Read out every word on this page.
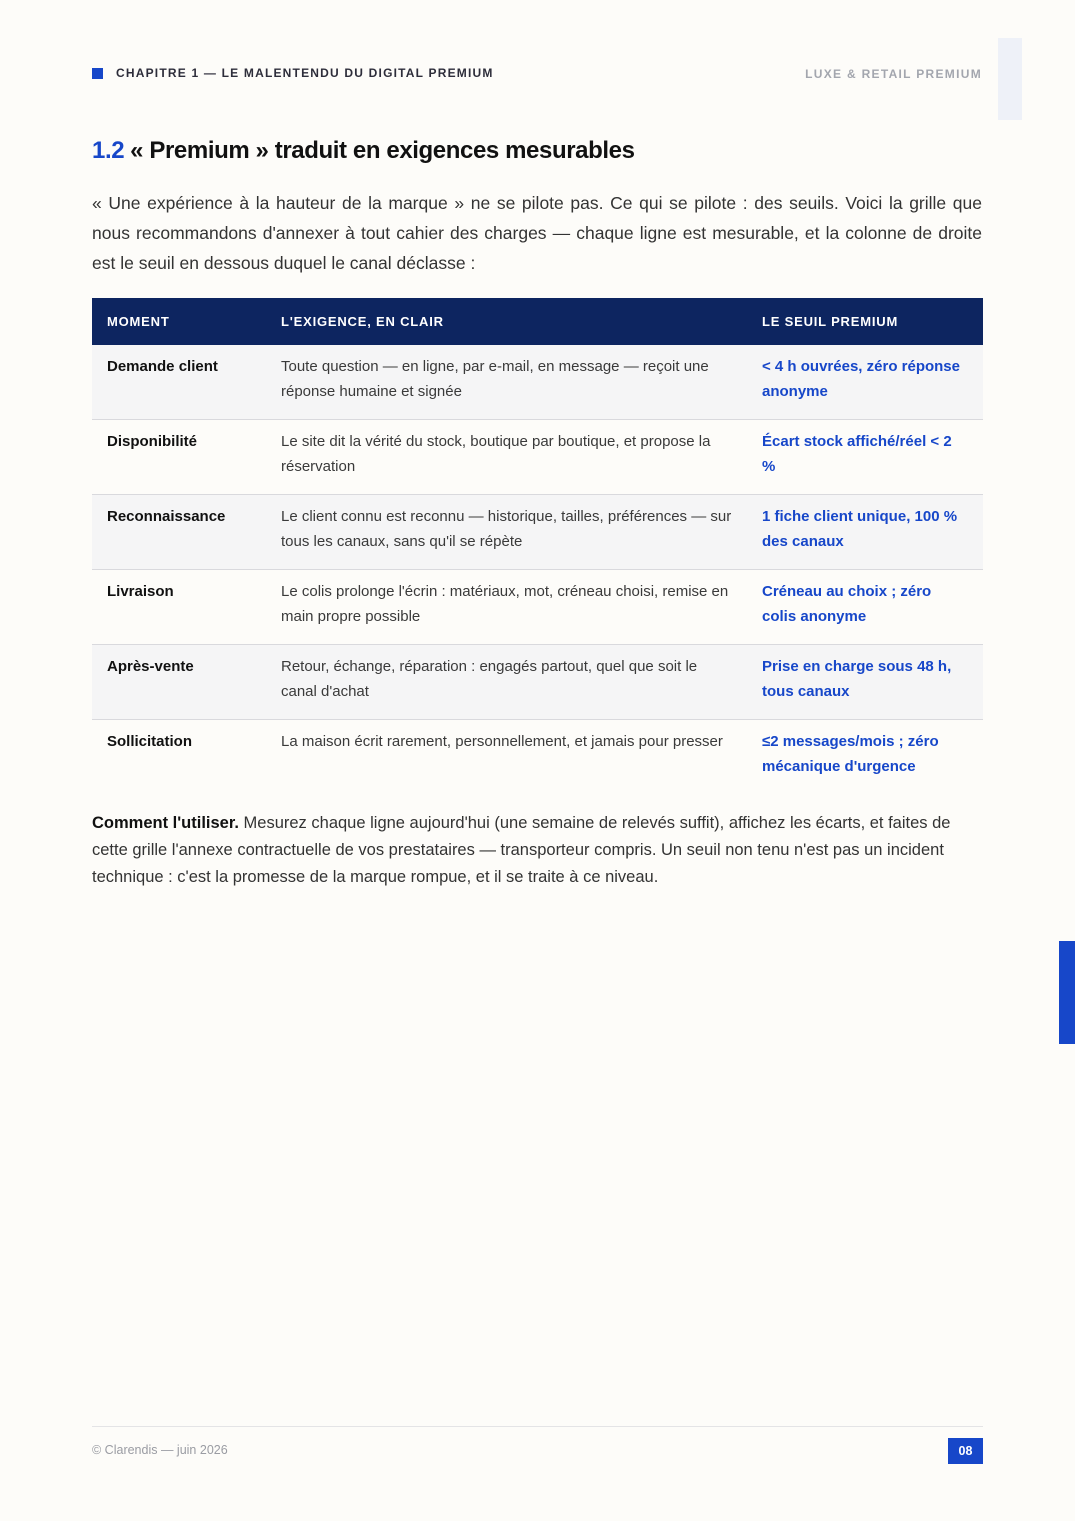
CHAPITRE 1 — LE MALENTENDU DU DIGITAL PREMIUM	LUXE & RETAIL PREMIUM
1.2 « Premium » traduit en exigences mesurables

« Une expérience à la hauteur de la marque » ne se pilote pas. Ce qui se pilote : des seuils. Voici la grille que nous recommandons d'annexer à tout cahier des charges — chaque ligne est mesurable, et la colonne de droite est le seuil en dessous duquel le canal déclasse :

MOMENT	L'EXIGENCE, EN CLAIR	LE SEUIL PREMIUM
Demande client	Toute question — en ligne, par e-mail, en message — reçoit une réponse humaine et signée	< 4 h ouvrées, zéro réponse anonyme
Disponibilité	Le site dit la vérité du stock, boutique par boutique, et propose la réservation	Écart stock affiché/réel < 2 %
Reconnaissance	Le client connu est reconnu — historique, tailles, préférences — sur tous les canaux, sans qu'il se répète	1 fiche client unique, 100 % des canaux
Livraison	Le colis prolonge l'écrin : matériaux, mot, créneau choisi, remise en main propre possible	Créneau au choix ; zéro colis anonyme
Après-vente	Retour, échange, réparation : engagés partout, quel que soit le canal d'achat	Prise en charge sous 48 h, tous canaux
Sollicitation	La maison écrit rarement, personnellement, et jamais pour presser	≤2 messages/mois ; zéro mécanique d'urgence

Comment l'utiliser. Mesurez chaque ligne aujourd'hui (une semaine de relevés suffit), affichez les écarts, et faites de cette grille l'annexe contractuelle de vos prestataires — transporteur compris. Un seuil non tenu n'est pas un incident technique : c'est la promesse de la marque rompue, et il se traite à ce niveau.

© Clarendis — juin 2026	08
